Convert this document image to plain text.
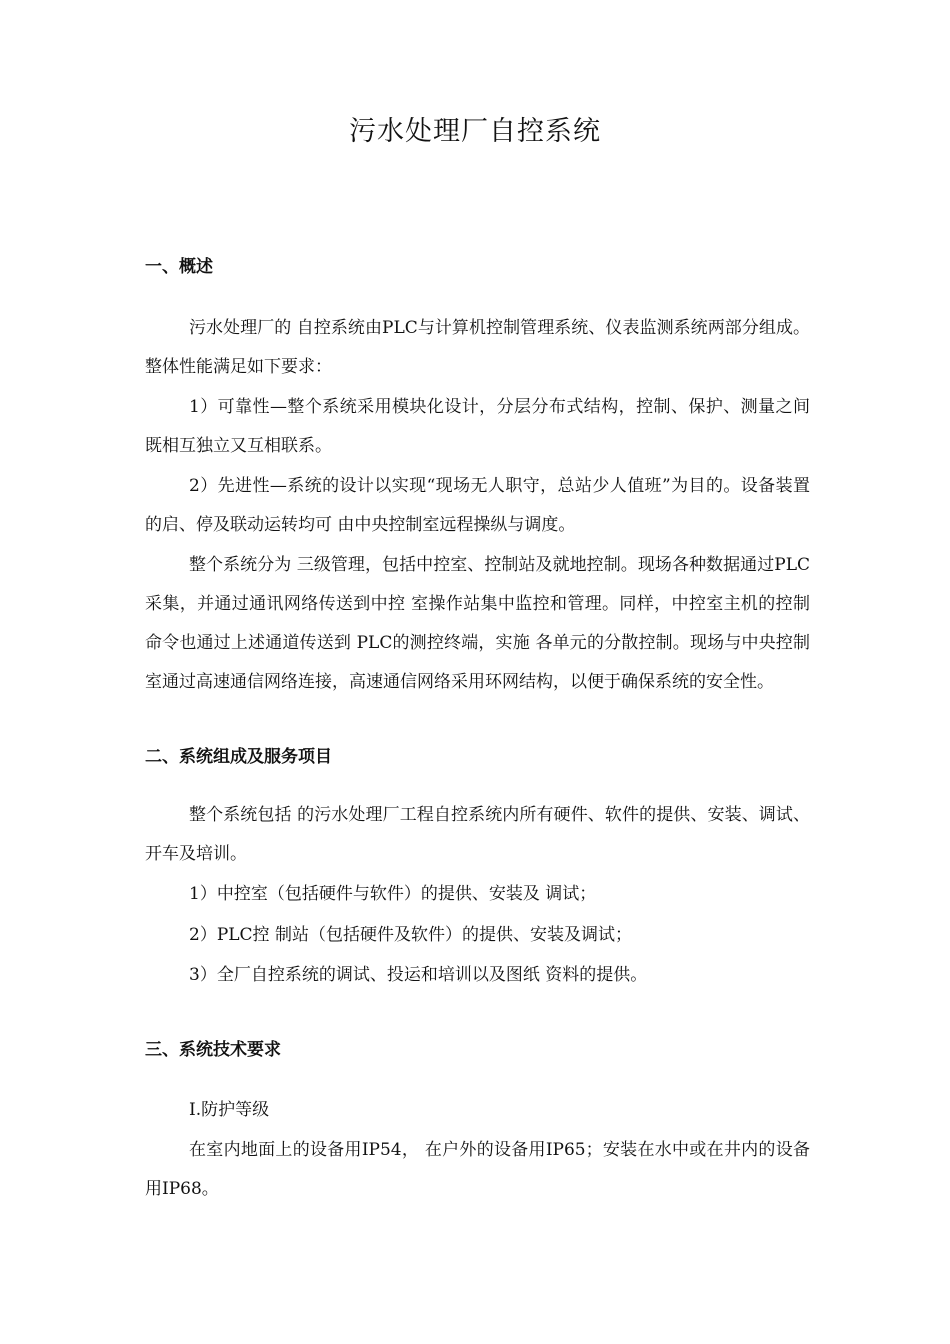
污水处理厂自控系统
一、概述

污水处理厂的 自控系统由PLC与计算机控制管理系统、仪表监测系统两部分组成。整体性能满足如下要求：

1）可靠性—整个系统采用模块化设计，分层分布式结构，控制、保护、测量之间既相互独立又互相联系。

2）先进性—系统的设计以实现“现场无人职守，总站少人值班”为目的。设备装置的启、停及联动运转均可 由中央控制室远程操纵与调度。

整个系统分为 三级管理，包括中控室、控制站及就地控制。现场各种数据通过PLC采集，并通过通讯网络传送到中控 室操作站集中监控和管理。同样，中控室主机的控制命令也通过上述通道传送到 PLC的测控终端，实施 各单元的分散控制。现场与中央控制室通过高速通信网络连接，高速通信网络采用环网结构，以便于确保系统的安全性。

二、系统组成及服务项目

整个系统包括 的污水处理厂工程自控系统内所有硬件、软件的提供、安装、调试、开车及培训。

1）中控室（包括硬件与软件）的提供、安装及 调试；

2）PLC控 制站（包括硬件及软件）的提供、安装及调试；

3）全厂自控系统的调试、投运和培训以及图纸 资料的提供。

三、系统技术要求

Ⅰ.防护等级

在室内地面上的设备用IP54， 在户外的设备用IP65；安装在水中或在井内的设备用IP68。
